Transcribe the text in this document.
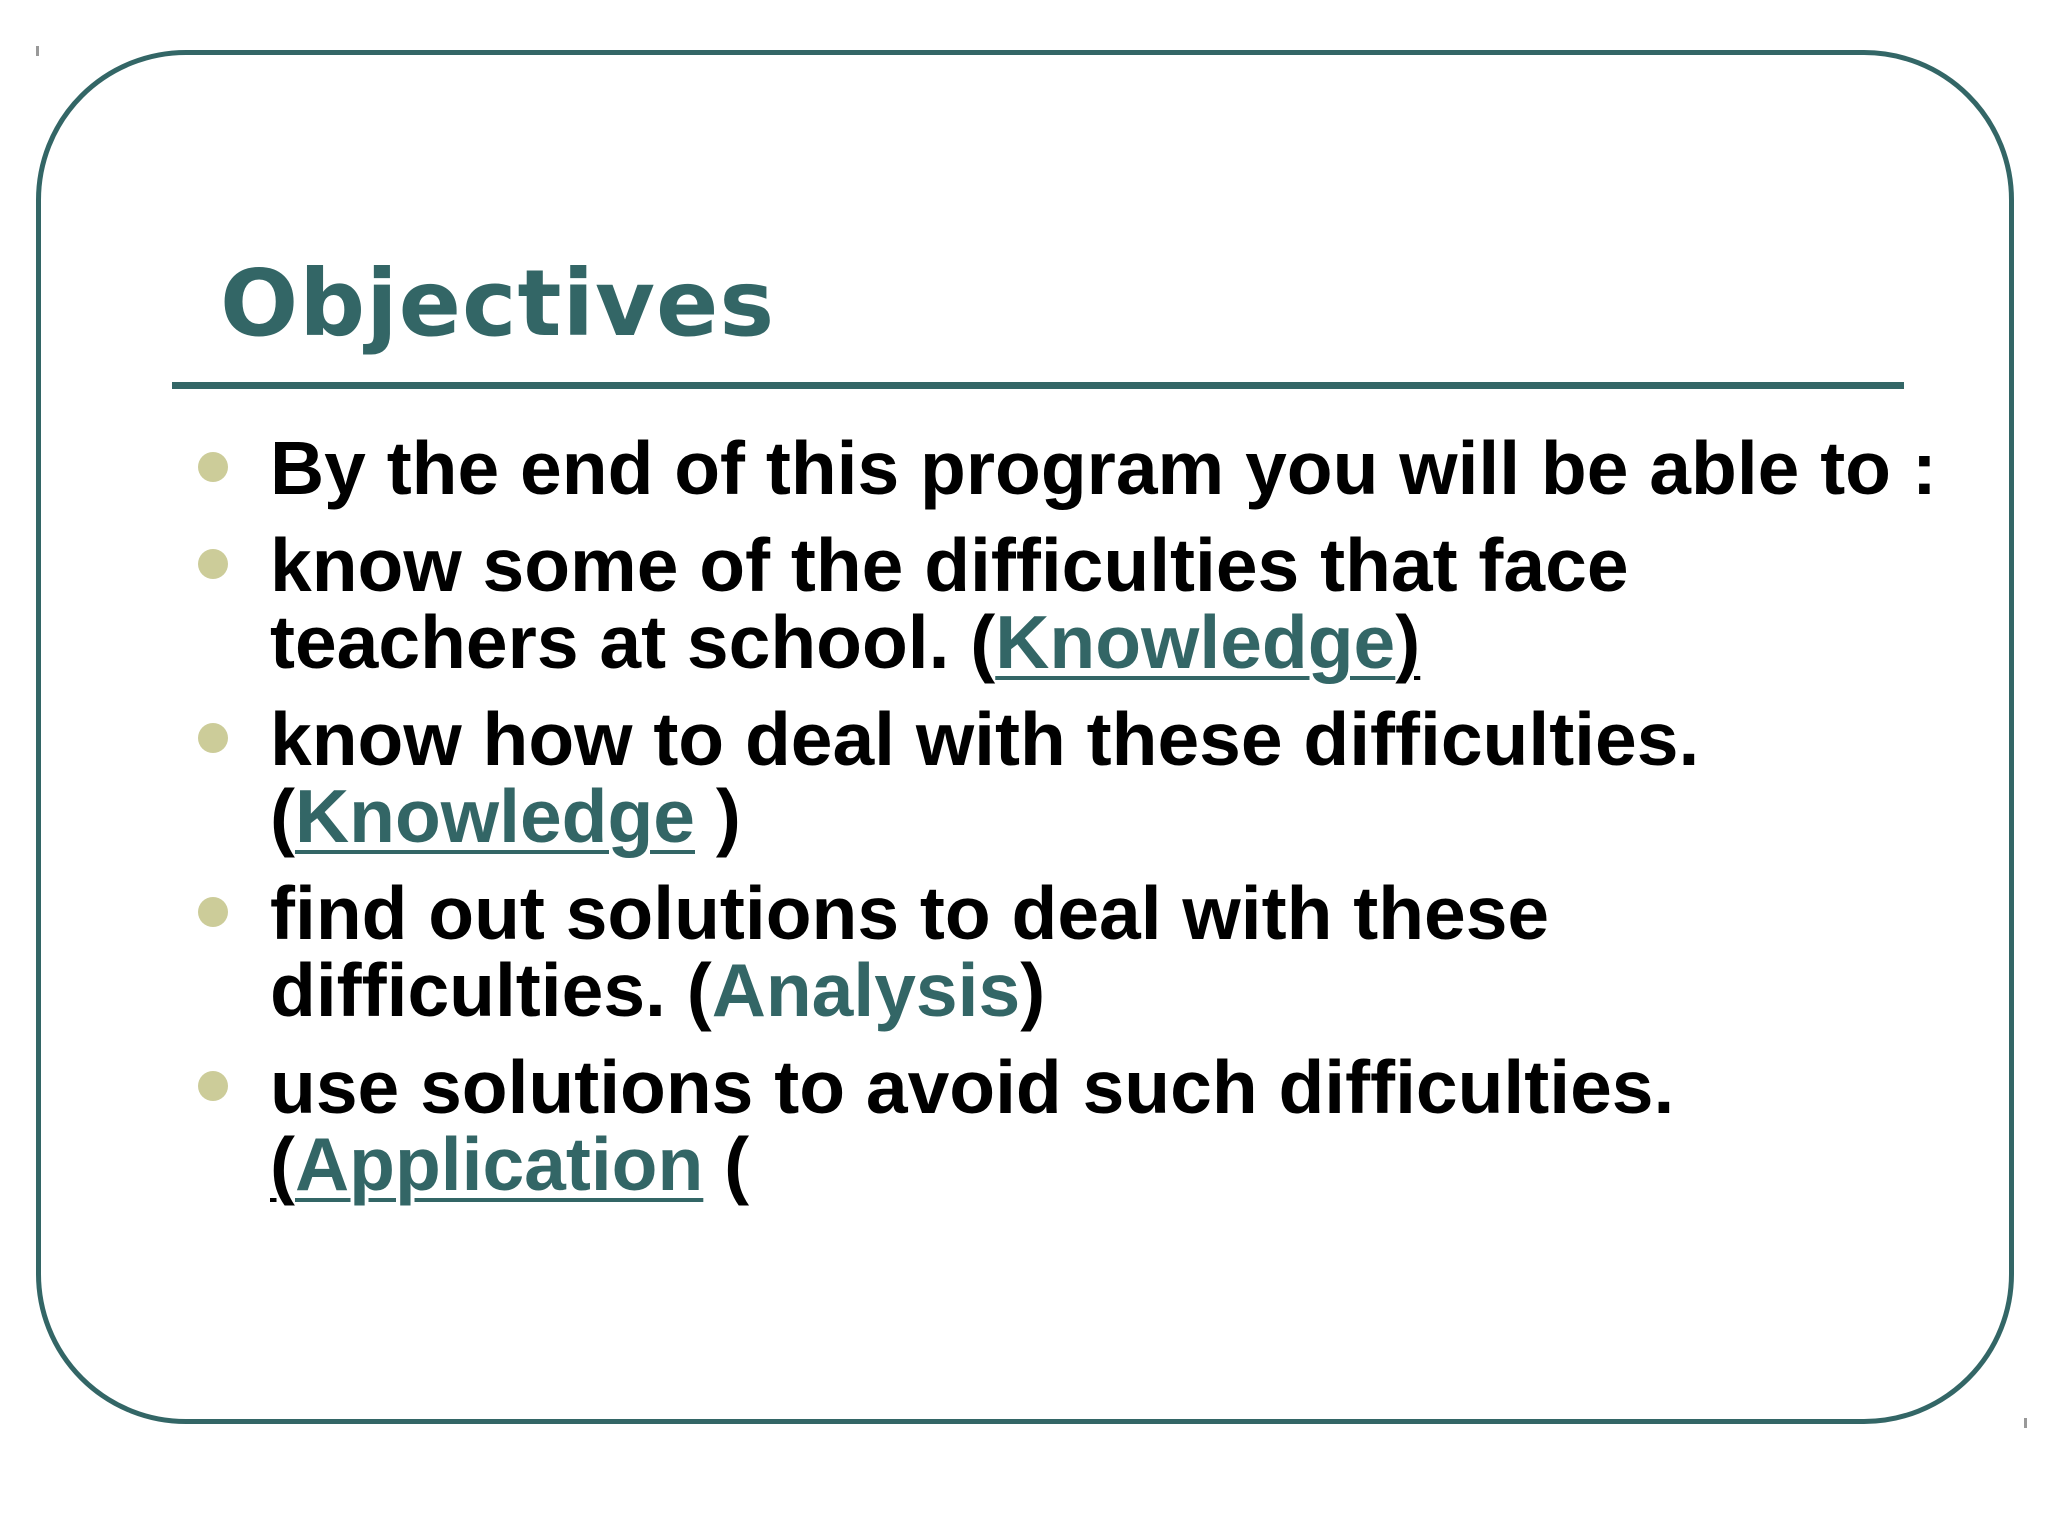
Objectives
By the end of this program you will be able to :
know some of the difficulties that face teachers at school. (Knowledge)
know how to deal with these difficulties. (Knowledge )
find out solutions to deal with these difficulties. (Analysis)
use solutions to avoid such difficulties.
(Application (
